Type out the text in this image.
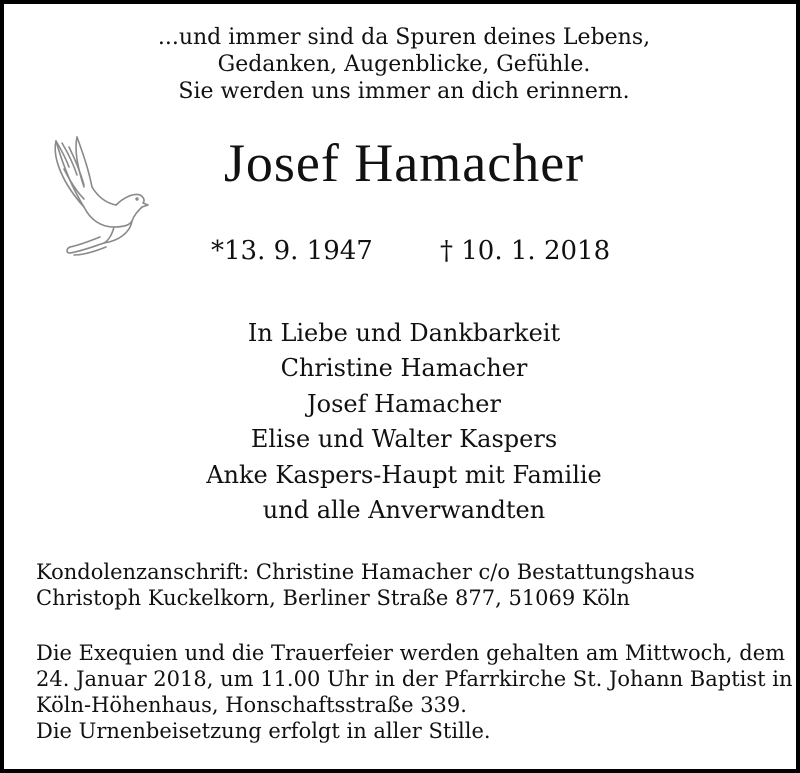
...und immer sind da Spuren deines Lebens,
Gedanken, Augenblicke, Gefühle.
Sie werden uns immer an dich erinnern.
Josef Hamacher
*13. 9. 1947	† 10. 1. 2018
In Liebe und Dankbarkeit
Christine Hamacher
Josef Hamacher
Elise und Walter Kaspers
Anke Kaspers-Haupt mit Familie
und alle Anverwandten
Kondolenzanschrift: Christine Hamacher c/o Bestattungshaus
Christoph Kuckelkorn, Berliner Straße 877, 51069 Köln
Die Exequien und die Trauerfeier werden gehalten am Mittwoch, dem
24. Januar 2018, um 11.00 Uhr in der Pfarrkirche St. Johann Baptist in
Köln-Höhenhaus, Honschaftsstraße 339.
Die Urnenbeisetzung erfolgt in aller Stille.
